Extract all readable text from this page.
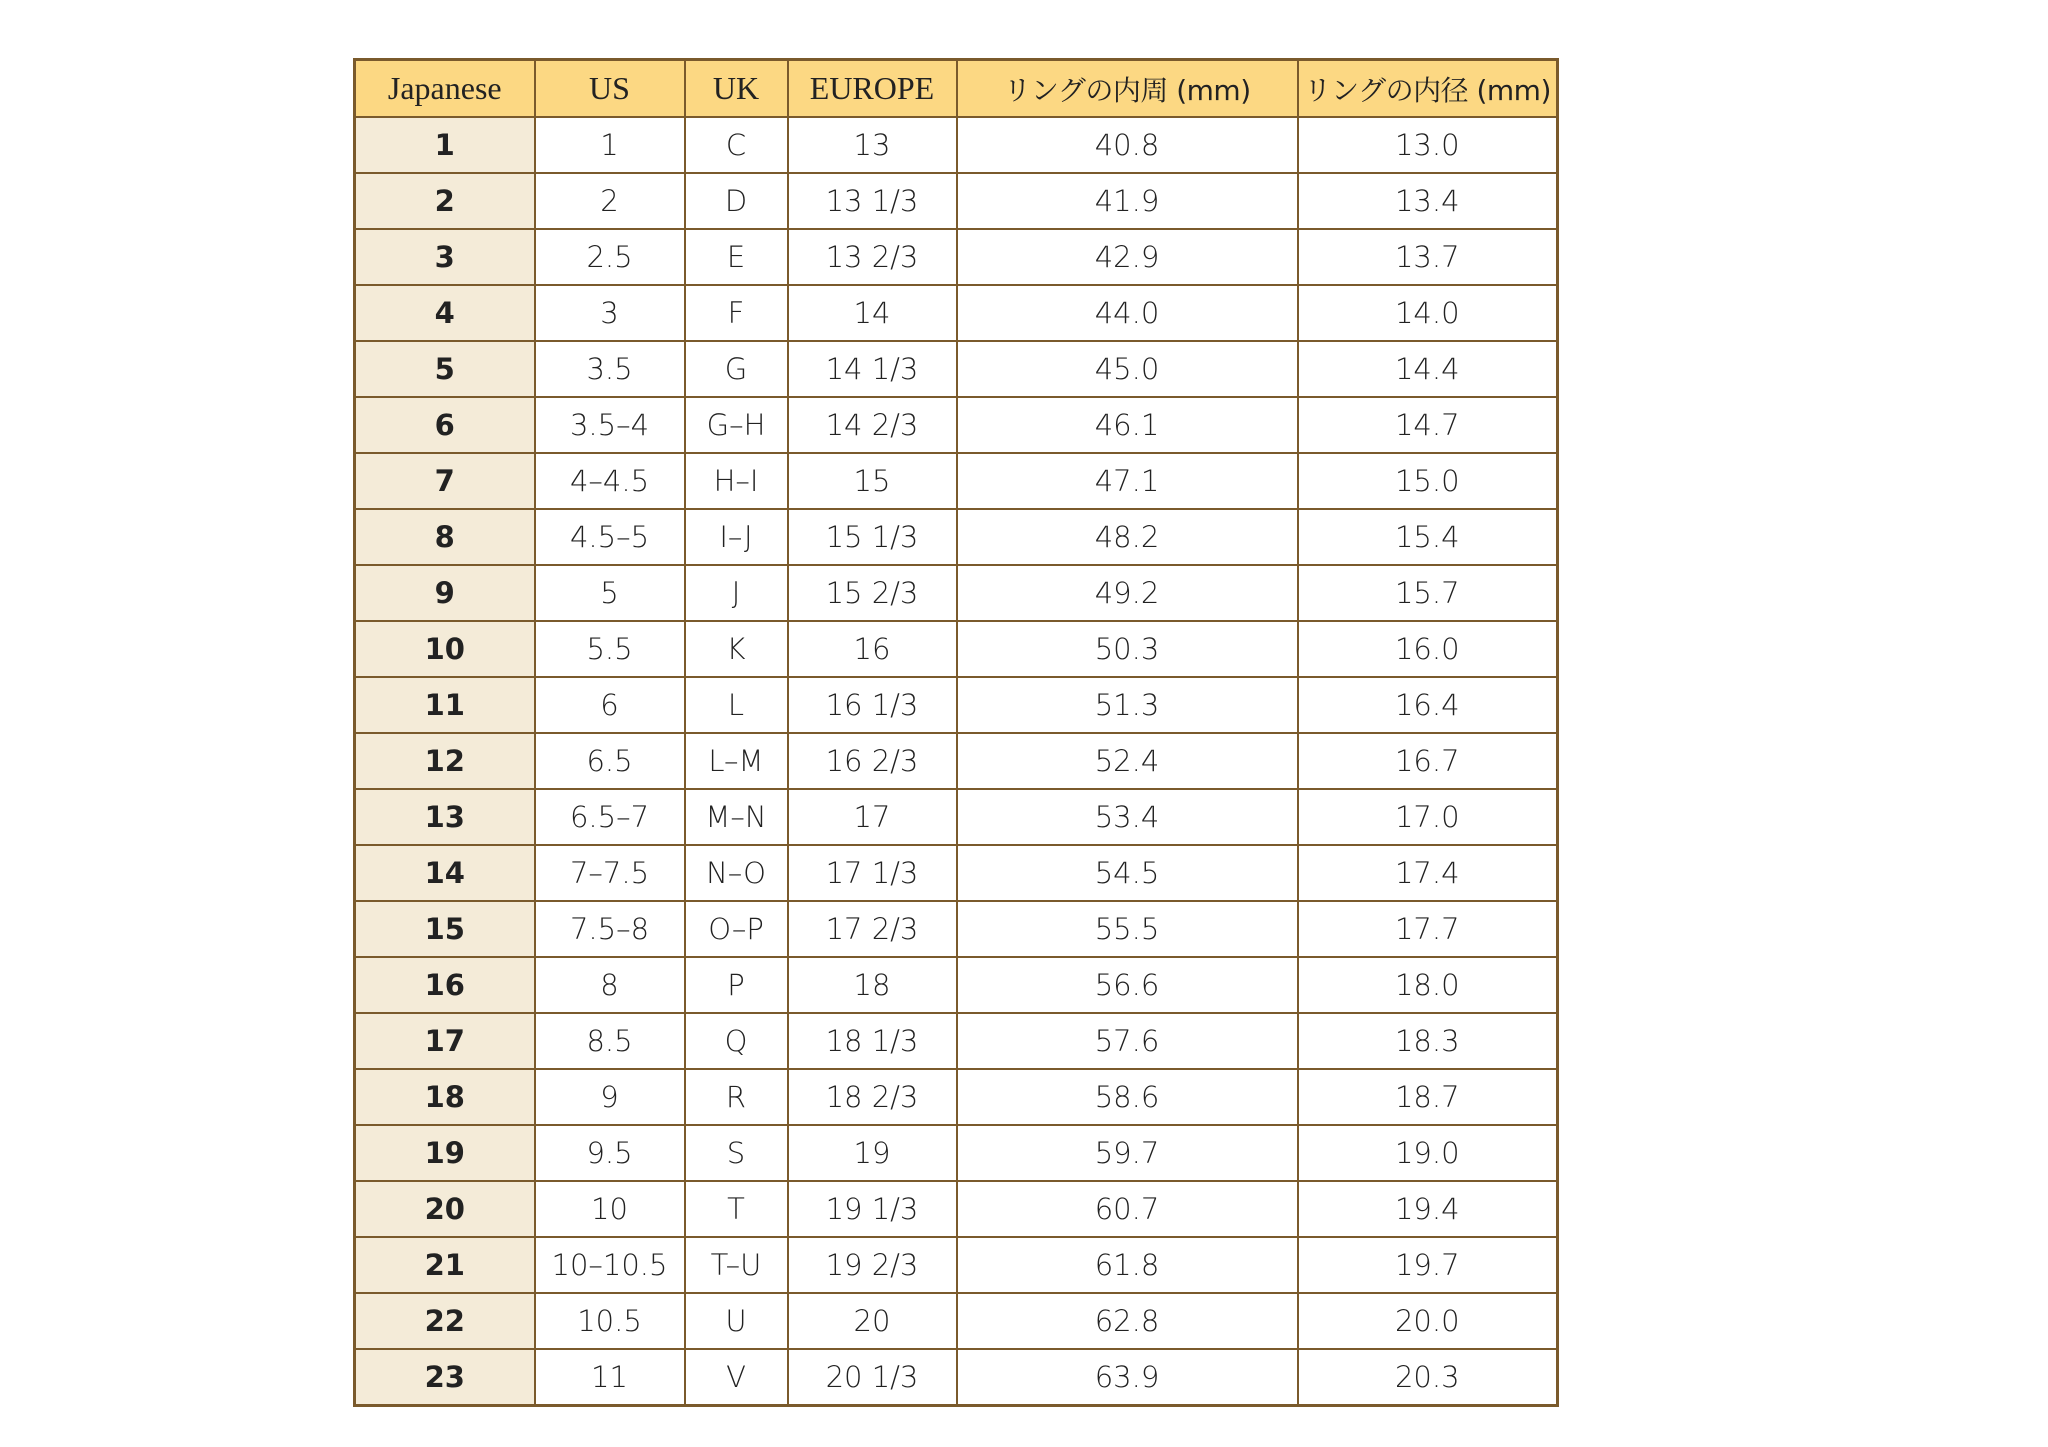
Japanese	US	UK	EUROPE	リングの内周 (mm)	リングの内径 (mm)
1	1	C	13	40.8	13.0
2	2	D	13 1/3	41.9	13.4
3	2.5	E	13 2/3	42.9	13.7
4	3	F	14	44.0	14.0
5	3.5	G	14 1/3	45.0	14.4
6	3.5–4	G–H	14 2/3	46.1	14.7
7	4–4.5	H–I	15	47.1	15.0
8	4.5–5	I–J	15 1/3	48.2	15.4
9	5	J	15 2/3	49.2	15.7
10	5.5	K	16	50.3	16.0
11	6	L	16 1/3	51.3	16.4
12	6.5	L–M	16 2/3	52.4	16.7
13	6.5–7	M–N	17	53.4	17.0
14	7–7.5	N–O	17 1/3	54.5	17.4
15	7.5–8	O–P	17 2/3	55.5	17.7
16	8	P	18	56.6	18.0
17	8.5	Q	18 1/3	57.6	18.3
18	9	R	18 2/3	58.6	18.7
19	9.5	S	19	59.7	19.0
20	10	T	19 1/3	60.7	19.4
21	10–10.5	T–U	19 2/3	61.8	19.7
22	10.5	U	20	62.8	20.0
23	11	V	20 1/3	63.9	20.3
